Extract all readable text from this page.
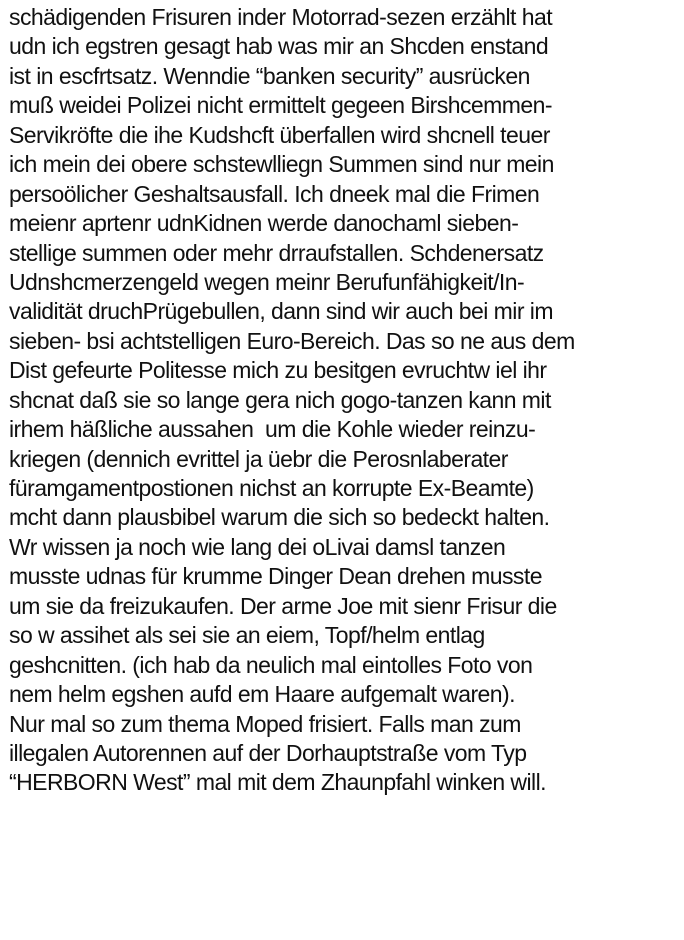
schädigenden Frisuren inder Motorrad-sezen erzählt hat
udn ich egstren gesagt hab was mir an Shcden enstand
ist in escfrtsatz. Wenndie “banken security” ausrücken
muß weidei Polizei nicht ermittelt gegeen Birshcemmen-
Servikröfte die ihe Kudshcft überfallen wird shcnell teuer
ich mein dei obere schstewlliegn Summen sind nur mein
persoölicher Geshaltsausfall. Ich dneek mal die Frimen
meienr aprtenr udnKidnen werde danochaml sieben-
stellige summen oder mehr drraufstallen. Schdenersatz
Udnshcmerzengeld wegen meinr Berufunfähigkeit/In-
validität druchPrügebullen, dann sind wir auch bei mir im
sieben- bsi achtstelligen Euro-Bereich. Das so ne aus dem
Dist gefeurte Politesse mich zu besitgen evruchtw iel ihr
shcnat daß sie so lange gera nich gogo-tanzen kann mit
irhem häßliche aussahen  um die Kohle wieder reinzu-
kriegen (dennich evrittel ja üebr die Perosnlaberater
füramgamentpostionen nichst an korrupte Ex-Beamte)
mcht dann plausbibel warum die sich so bedeckt halten.
Wr wissen ja noch wie lang dei oLivai damsl tanzen
musste udnas für krumme Dinger Dean drehen musste
um sie da freizukaufen. Der arme Joe mit sienr Frisur die
so w assihet als sei sie an eiem, Topf/helm entlag
geshcnitten. (ich hab da neulich mal eintolles Foto von
nem helm egshen aufd em Haare aufgemalt waren).
Nur mal so zum thema Moped frisiert. Falls man zum
illegalen Autorennen auf der Dorhauptstraße vom Typ
“HERBORN West” mal mit dem Zhaunpfahl winken will.
